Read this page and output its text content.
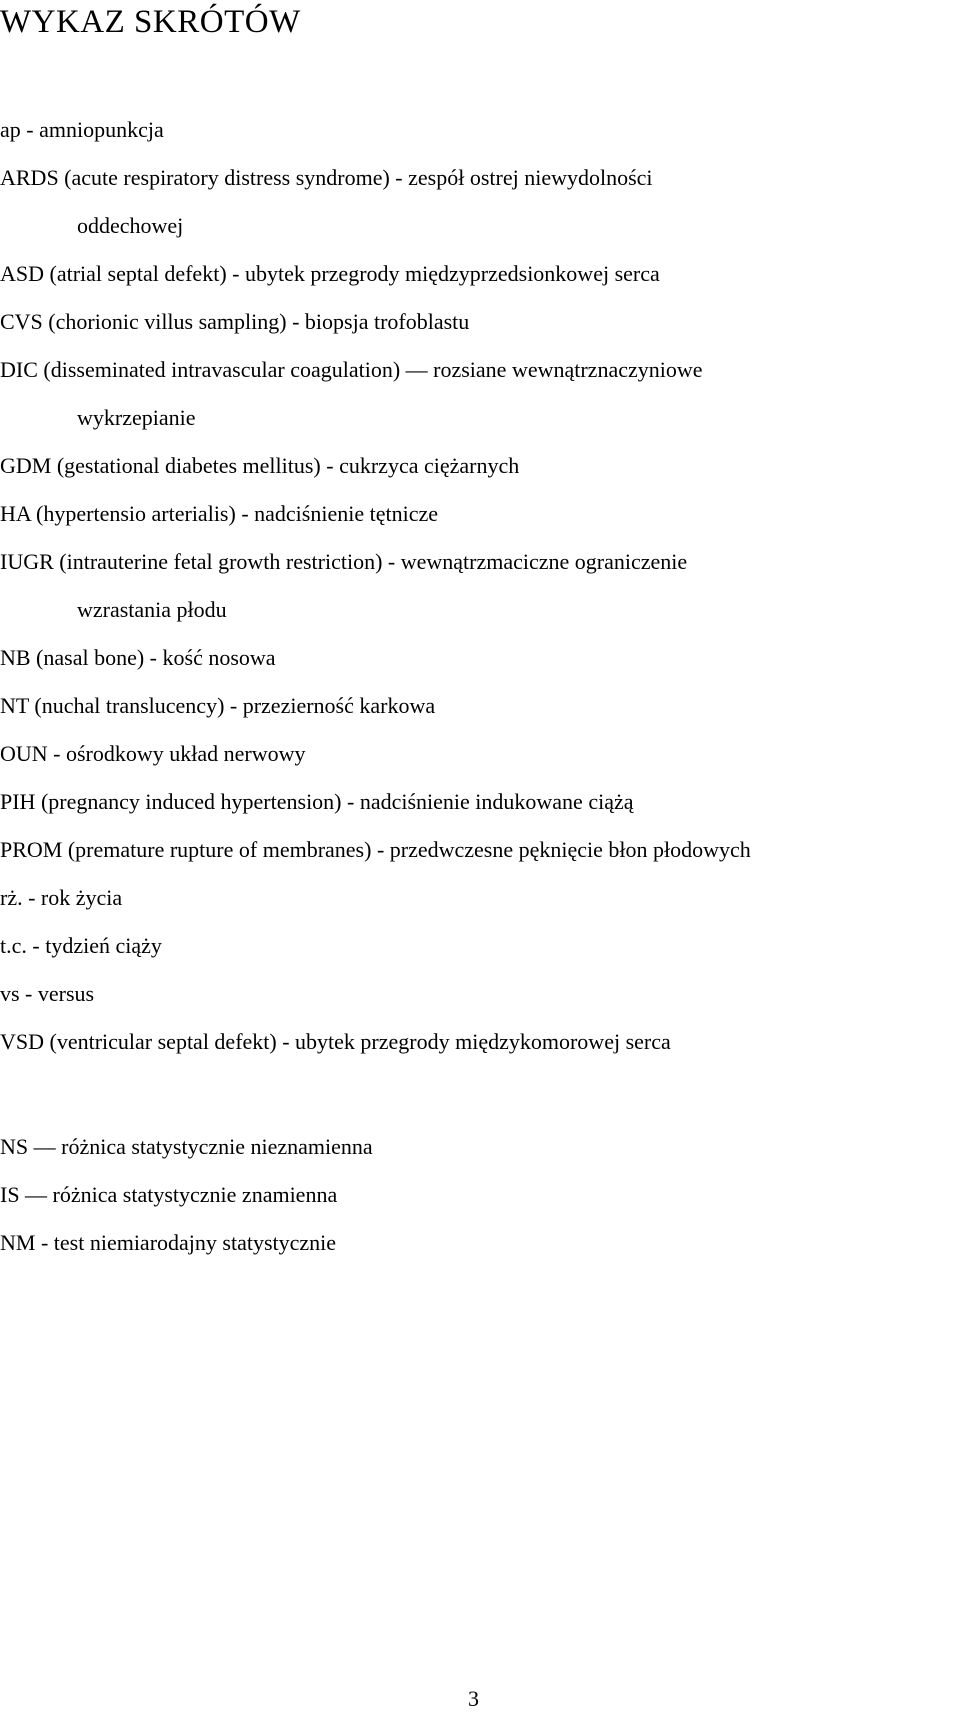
WYKAZ SKRÓTÓW
ap - amniopunkcja
ARDS (acute respiratory distress syndrome) - zespół ostrej niewydolności
oddechowej
ASD (atrial septal defekt) - ubytek przegrody międzyprzedsionkowej serca
CVS (chorionic villus sampling) - biopsja trofoblastu
DIC (disseminated intravascular coagulation) — rozsiane wewnątrznaczyniowe
wykrzepianie
GDM (gestational diabetes mellitus) - cukrzyca ciężarnych
HA (hypertensio arterialis) - nadciśnienie tętnicze
IUGR (intrauterine fetal growth restriction) - wewnątrzmaciczne ograniczenie
wzrastania płodu
NB (nasal bone) - kość nosowa
NT (nuchal translucency) - przezierność karkowa
OUN - ośrodkowy układ nerwowy
PIH (pregnancy induced hypertension) - nadciśnienie indukowane ciążą
PROM (premature rupture of membranes) - przedwczesne pęknięcie błon płodowych
rż. - rok życia
t.c. - tydzień ciąży
vs - versus
VSD (ventricular septal defekt) - ubytek przegrody międzykomorowej serca
NS — różnica statystycznie nieznamienna
IS — różnica statystycznie znamienna
NM - test niemiarodajny statystycznie
3
